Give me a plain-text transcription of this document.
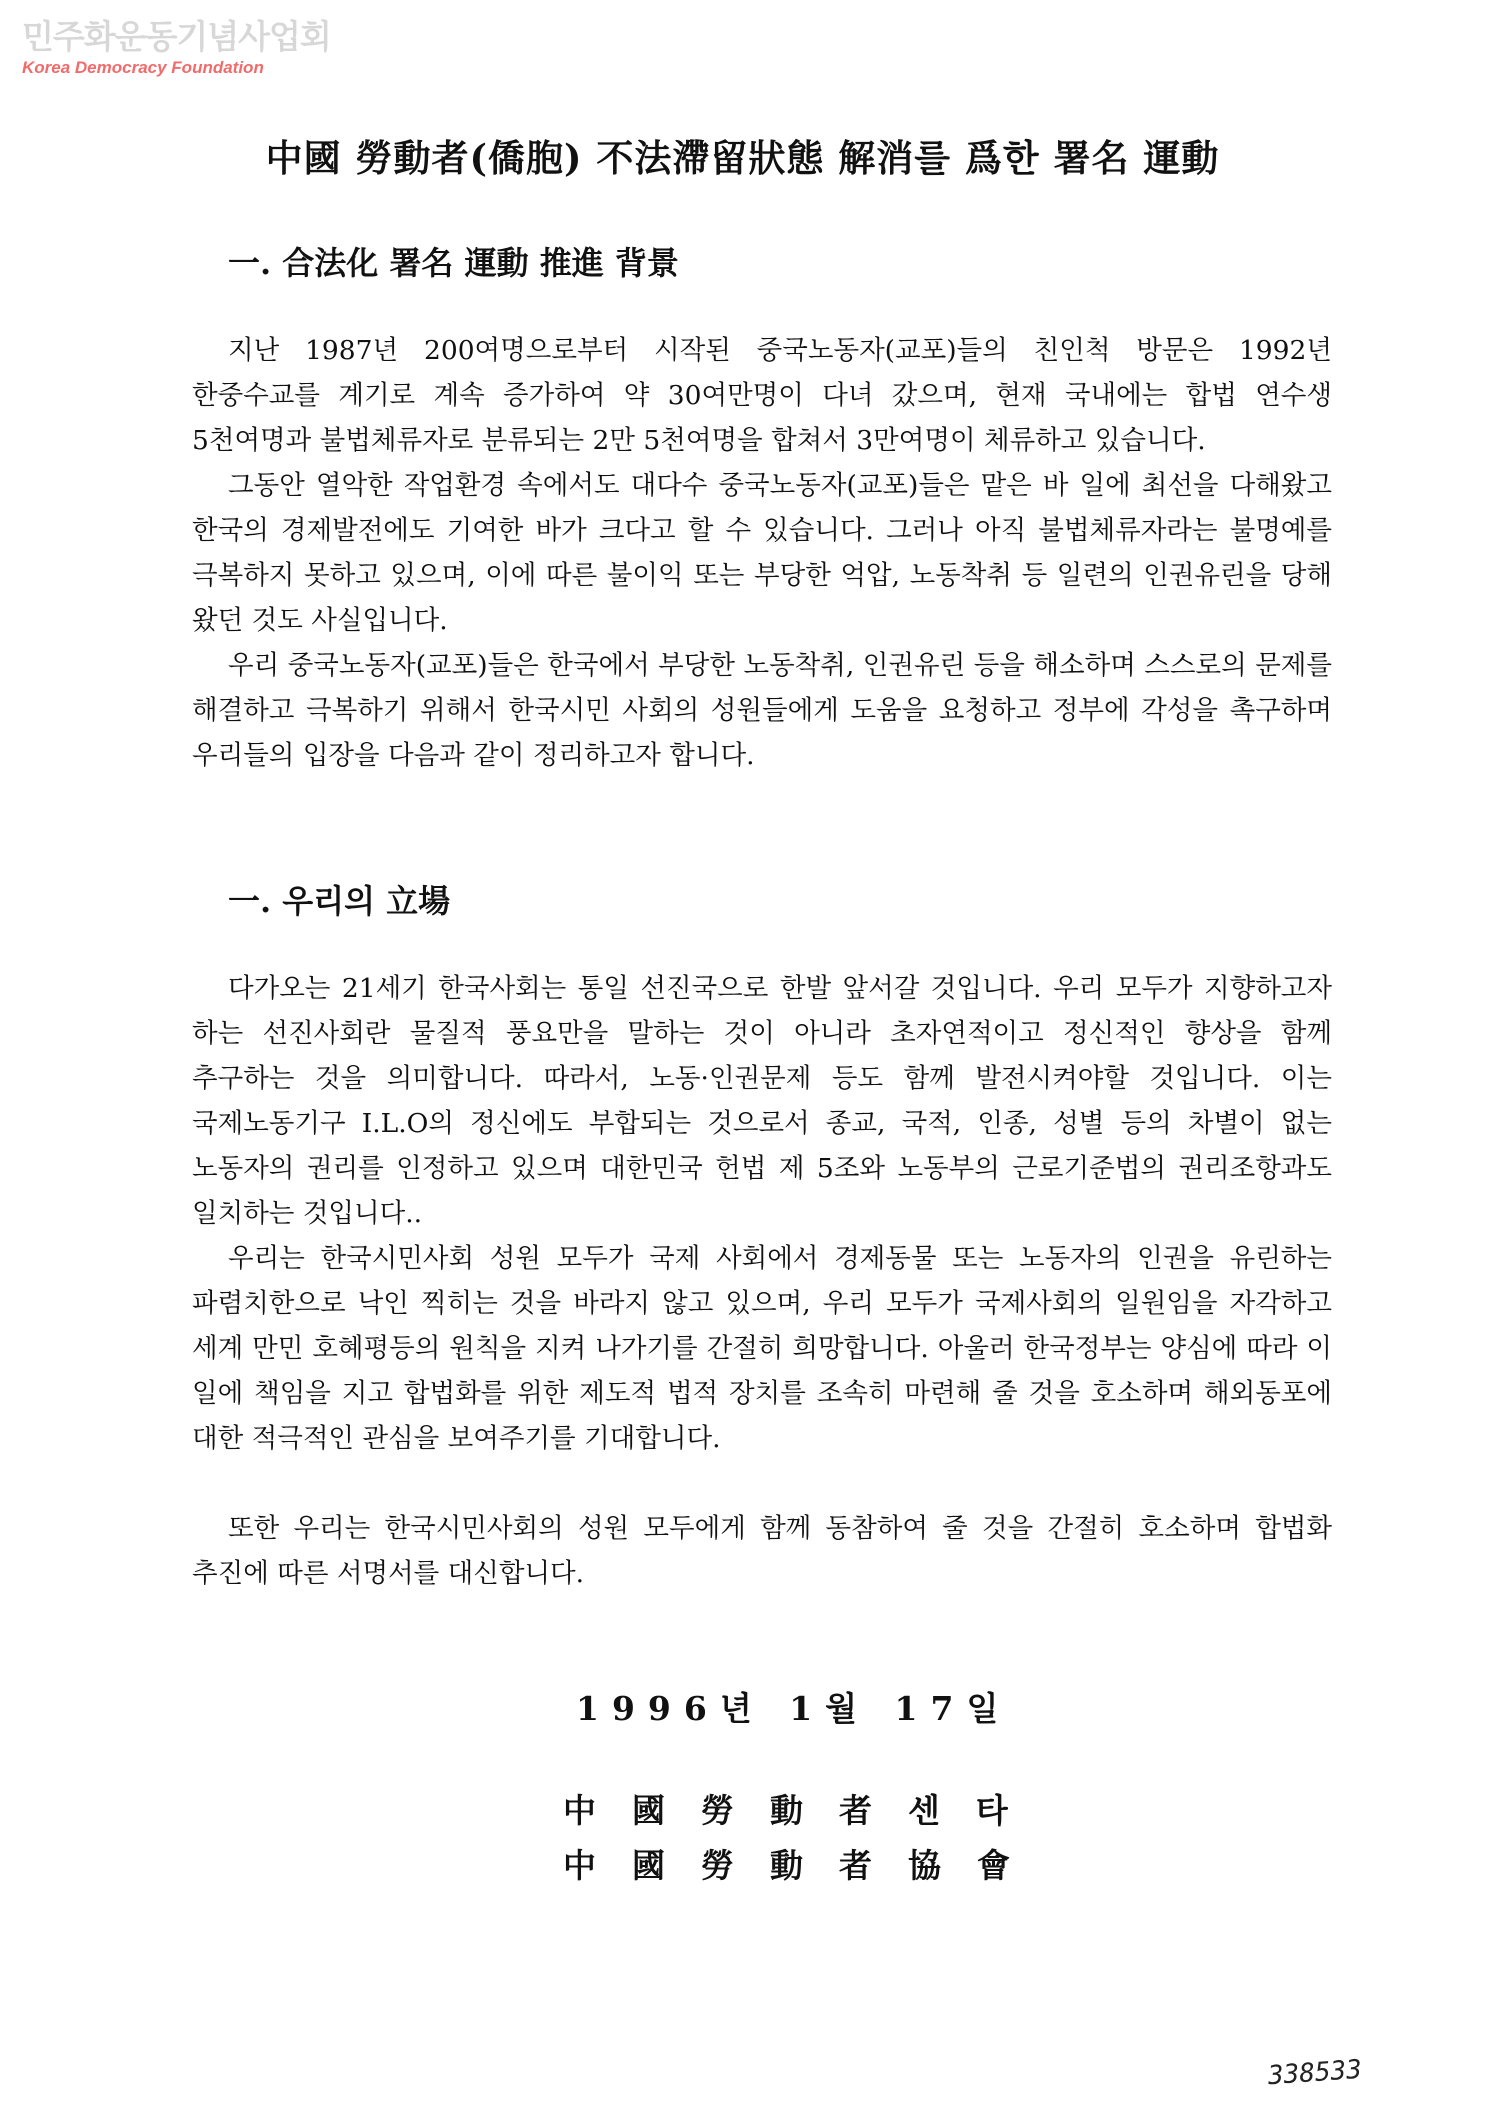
민주화운동기념사업회
Korea Democracy Foundation
中國 勞動者(僑胞) 不法滯留狀態 解消를 爲한 署名 運動
一. 合法化 署名 運動 推進 背景

지난 1987년 200여명으로부터 시작된 중국노동자(교포)들의 친인척 방문은 1992년 한중수교를 계기로 계속 증가하여 약 30여만명이 다녀 갔으며, 현재 국내에는 합법 연수생 5천여명과 불법체류자로 분류되는 2만 5천여명을 합쳐서 3만여명이 체류하고 있습니다.

그동안 열악한 작업환경 속에서도 대다수 중국노동자(교포)들은 맡은 바 일에 최선을 다해왔고 한국의 경제발전에도 기여한 바가 크다고 할 수 있습니다. 그러나 아직 불법체류자라는 불명예를 극복하지 못하고 있으며, 이에 따른 불이익 또는 부당한 억압, 노동착취 등 일련의 인권유린을 당해 왔던 것도 사실입니다.

우리 중국노동자(교포)들은 한국에서 부당한 노동착취, 인권유린 등을 해소하며 스스로의 문제를 해결하고 극복하기 위해서 한국시민 사회의 성원들에게 도움을 요청하고 정부에 각성을 촉구하며 우리들의 입장을 다음과 같이 정리하고자 합니다.

一. 우리의 立場

다가오는 21세기 한국사회는 통일 선진국으로 한발 앞서갈 것입니다. 우리 모두가 지향하고자 하는 선진사회란 물질적 풍요만을 말하는 것이 아니라 초자연적이고 정신적인 향상을 함께 추구하는 것을 의미합니다. 따라서, 노동·인권문제 등도 함께 발전시켜야할 것입니다. 이는 국제노동기구 I.L.O의 정신에도 부합되는 것으로서 종교, 국적, 인종, 성별 등의 차별이 없는 노동자의 권리를 인정하고 있으며 대한민국 헌법 제 5조와 노동부의 근로기준법의 권리조항과도 일치하는 것입니다..

우리는 한국시민사회 성원 모두가 국제 사회에서 경제동물 또는 노동자의 인권을 유린하는 파렴치한으로 낙인 찍히는 것을 바라지 않고 있으며, 우리 모두가 국제사회의 일원임을 자각하고 세계 만민 호혜평등의 원칙을 지켜 나가기를 간절히 희망합니다. 아울러 한국정부는 양심에 따라 이 일에 책임을 지고 합법화를 위한 제도적 법적 장치를 조속히 마련해 줄 것을 호소하며 해외동포에 대한 적극적인 관심을 보여주기를 기대합니다.

또한 우리는 한국시민사회의 성원 모두에게 함께 동참하여 줄 것을 간절히 호소하며 합법화 추진에 따른 서명서를 대신합니다.

1996년 1월 17일
中國勞動者센타
中國勞動者協會
338533
